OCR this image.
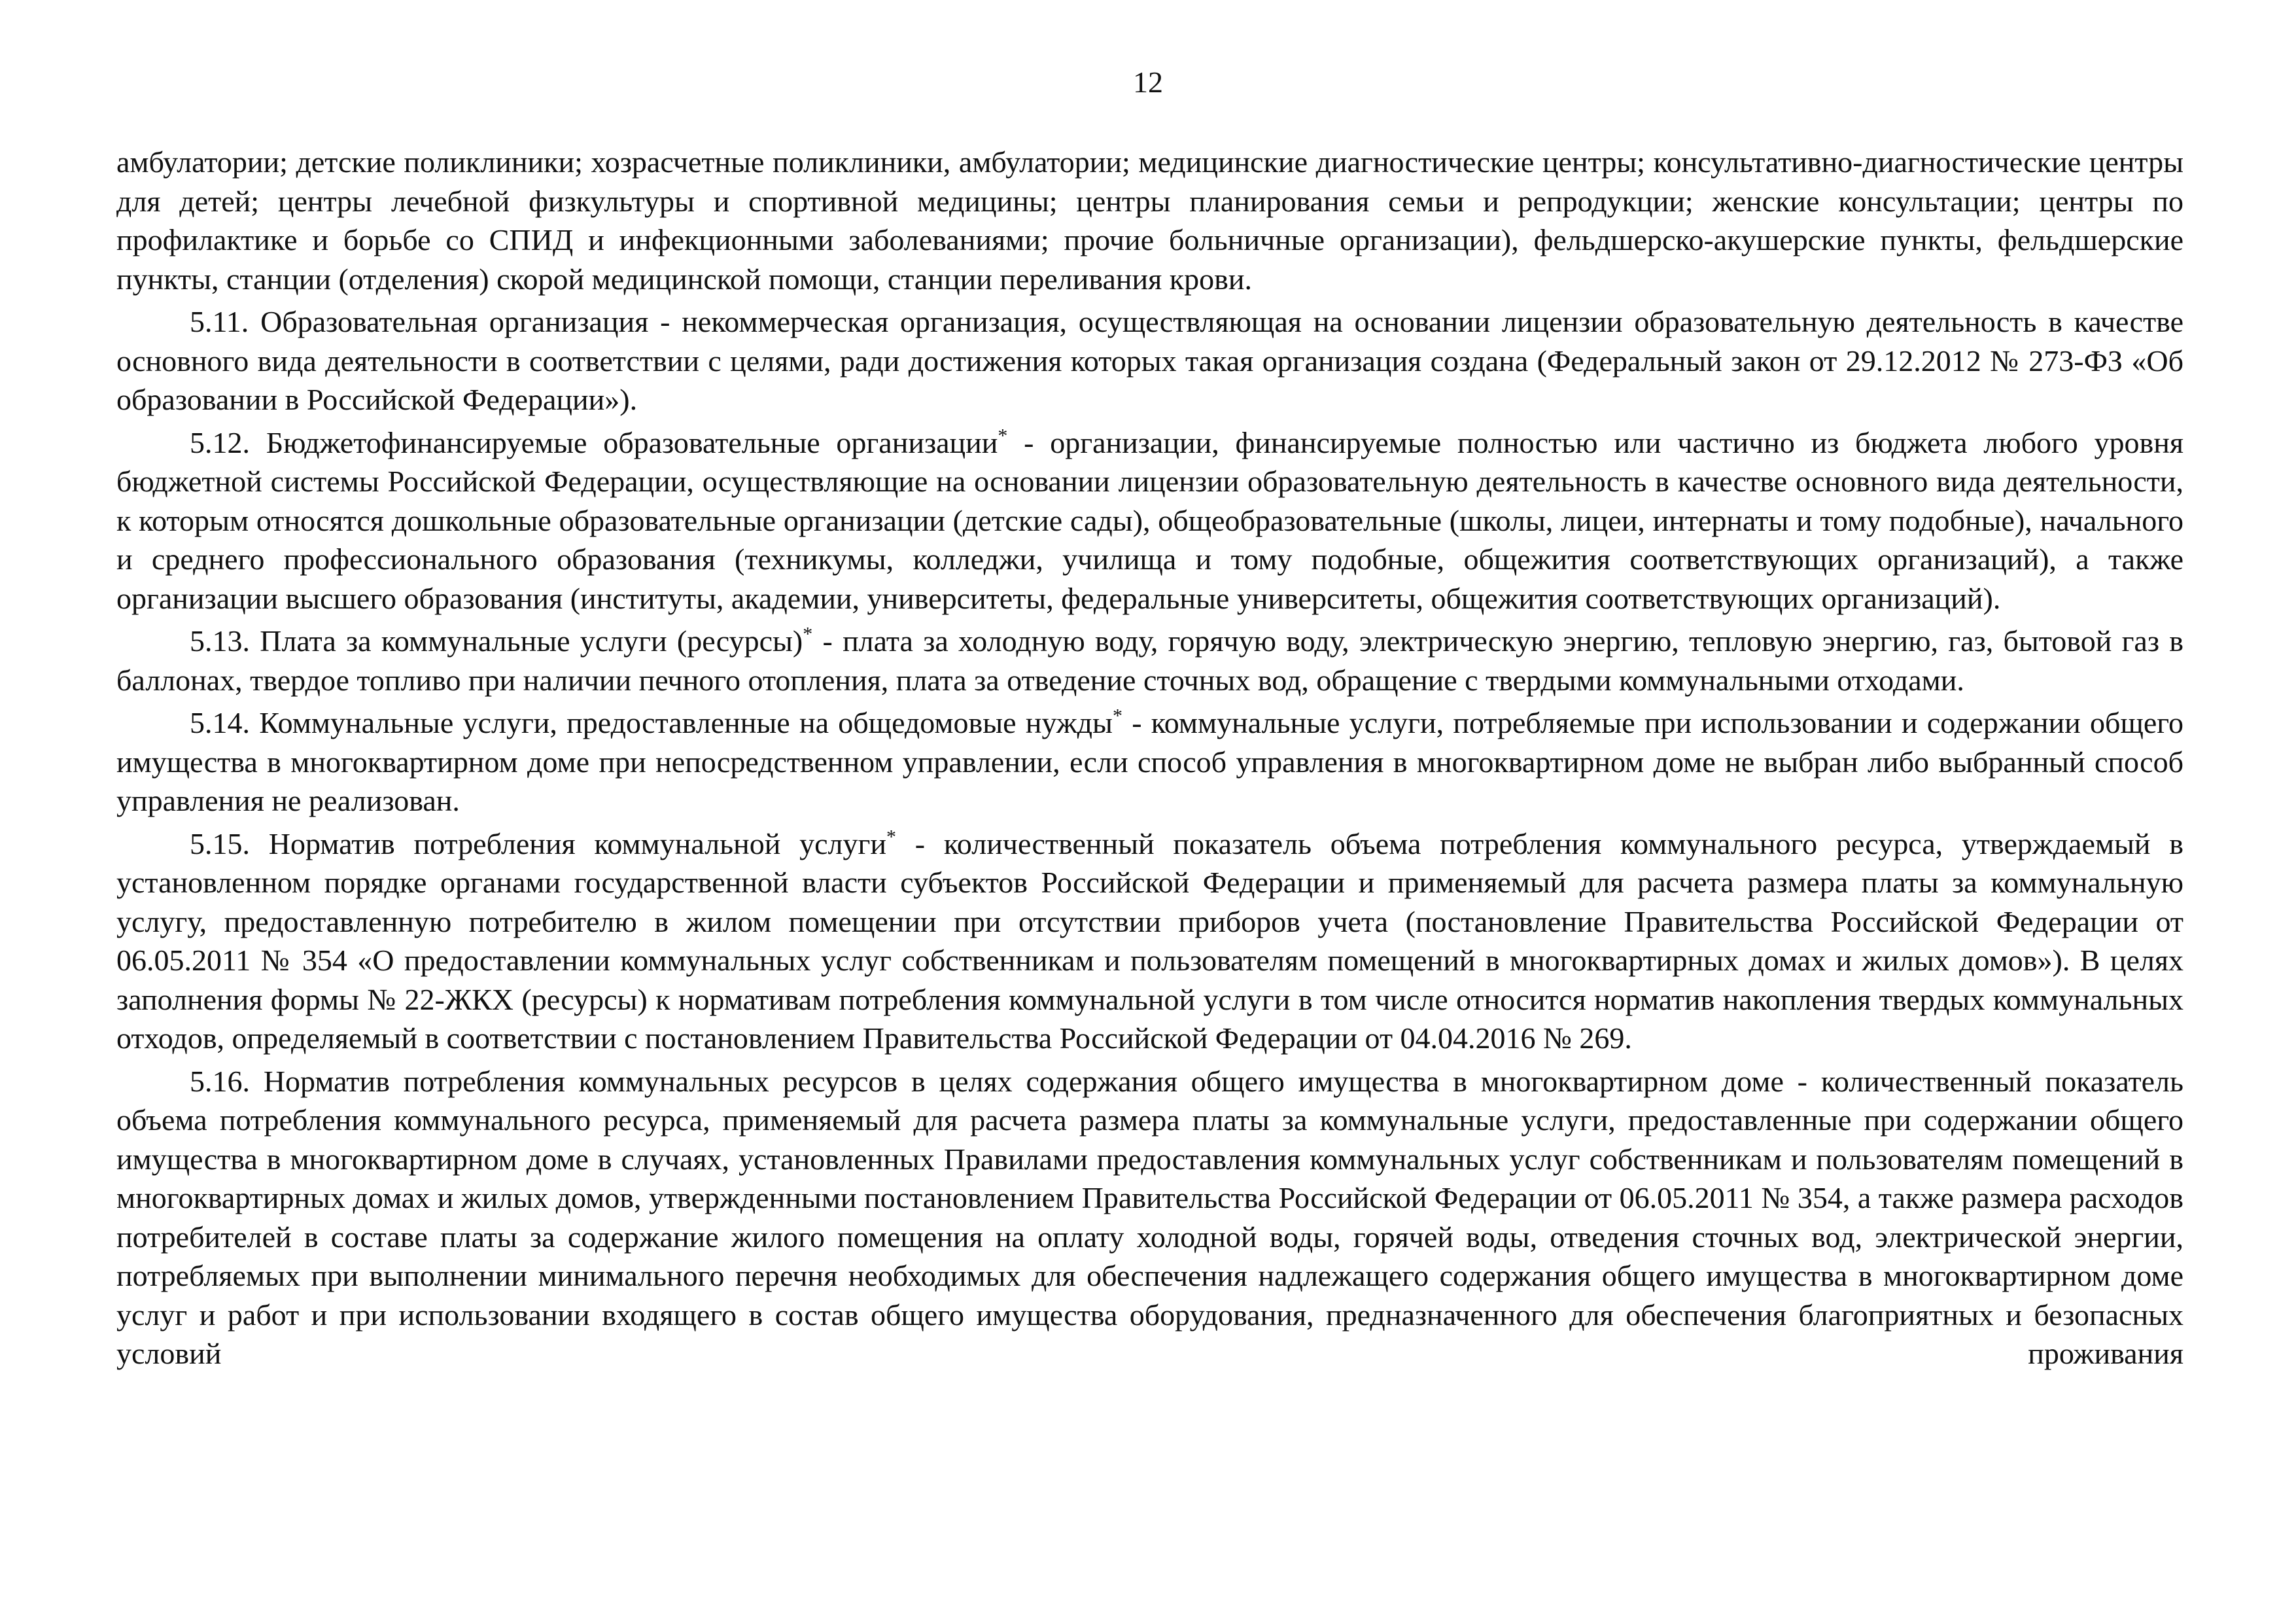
12

амбулатории; детские поликлиники; хозрасчетные поликлиники, амбулатории; медицинские диагностические центры; консультативно-диагностические центры для детей; центры лечебной физкультуры и спортивной медицины; центры планирования семьи и репродукции; женские консультации; центры по профилактике и борьбе со СПИД и инфекционными заболеваниями; прочие больничные организации), фельдшерско-акушерские пункты, фельдшерские пункты, станции (отделения) скорой медицинской помощи, станции переливания крови.

5.11. Образовательная организация - некоммерческая организация, осуществляющая на основании лицензии образовательную деятельность в качестве основного вида деятельности в соответствии с целями, ради достижения которых такая организация создана (Федеральный закон от 29.12.2012 № 273-ФЗ «Об образовании в Российской Федерации»).

5.12. Бюджетофинансируемые образовательные организации* - организации, финансируемые полностью или частично из бюджета любого уровня бюджетной системы Российской Федерации, осуществляющие на основании лицензии образовательную деятельность в качестве основного вида деятельности, к которым относятся дошкольные образовательные организации (детские сады), общеобразовательные (школы, лицеи, интернаты и тому подобные), начального и среднего профессионального образования (техникумы, колледжи, училища и тому подобные, общежития соответствующих организаций), а также организации высшего образования (институты, академии, университеты, федеральные университеты, общежития соответствующих организаций).

5.13. Плата за коммунальные услуги (ресурсы)* - плата за холодную воду, горячую воду, электрическую энергию, тепловую энергию, газ, бытовой газ в баллонах, твердое топливо при наличии печного отопления, плата за отведение сточных вод, обращение с твердыми коммунальными отходами.

5.14. Коммунальные услуги, предоставленные на общедомовые нужды* - коммунальные услуги, потребляемые при использовании и содержании общего имущества в многоквартирном доме при непосредственном управлении, если способ управления в многоквартирном доме не выбран либо выбранный способ управления не реализован.

5.15. Норматив потребления коммунальной услуги* - количественный показатель объема потребления коммунального ресурса, утверждаемый в установленном порядке органами государственной власти субъектов Российской Федерации и применяемый для расчета размера платы за коммунальную услугу, предоставленную потребителю в жилом помещении при отсутствии приборов учета (постановление Правительства Российской Федерации от 06.05.2011 № 354 «О предоставлении коммунальных услуг собственникам и пользователям помещений в многоквартирных домах и жилых домов»). В целях заполнения формы № 22-ЖКХ (ресурсы) к нормативам потребления коммунальной услуги в том числе относится норматив накопления твердых коммунальных отходов, определяемый в соответствии с постановлением Правительства Российской Федерации от 04.04.2016 № 269.

5.16. Норматив потребления коммунальных ресурсов в целях содержания общего имущества в многоквартирном доме - количественный показатель объема потребления коммунального ресурса, применяемый для расчета размера платы за коммунальные услуги, предоставленные при содержании общего имущества в многоквартирном доме в случаях, установленных Правилами предоставления коммунальных услуг собственникам и пользователям помещений в многоквартирных домах и жилых домов, утвержденными постановлением Правительства Российской Федерации от 06.05.2011 № 354, а также размера расходов потребителей в составе платы за содержание жилого помещения на оплату холодной воды, горячей воды, отведения сточных вод, электрической энергии, потребляемых при выполнении минимального перечня необходимых для обеспечения надлежащего содержания общего имущества в многоквартирном доме услуг и работ и при использовании входящего в состав общего имущества оборудования, предназначенного для обеспечения благоприятных и безопасных условий проживания
